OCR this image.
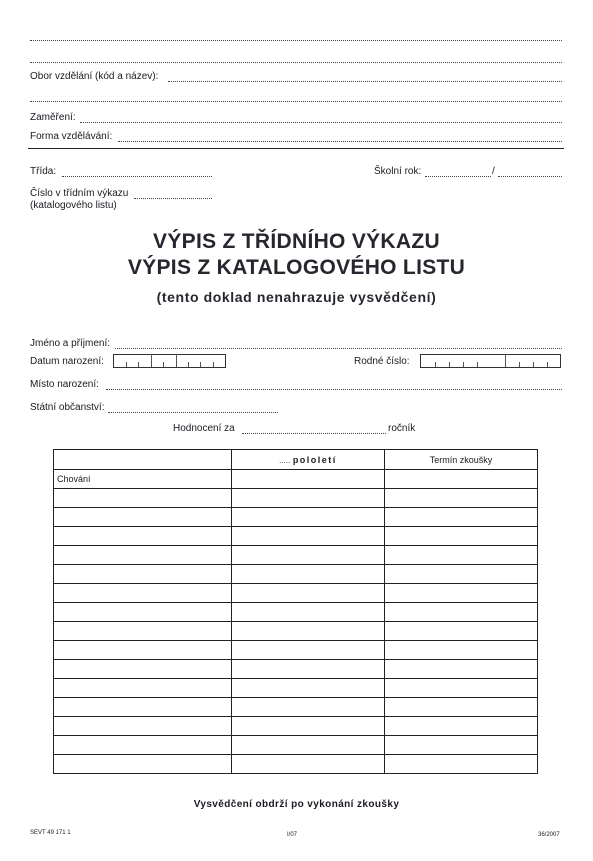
Obor vzdělání (kód a název):
Zaměření:
Forma vzdělávání:
Třída:	Školní rok:	/
Číslo v třídním výkazu
(katalogového listu)
VÝPIS Z TŘÍDNÍHO VÝKAZU
VÝPIS Z KATALOGOVÉHO LISTU
(tento doklad nenahrazuje vysvědčení)
Jméno a příjmení:
Datum narození:	Rodné číslo:
Místo narození:
Státní občanství:
Hodnocení za	ročník
	..... pololetí	Termín zkoušky
Chování		$_-$

Vysvědčení obdrží po vykonání zkoušky
SEVT 49 171 1	I/07	36/2007
